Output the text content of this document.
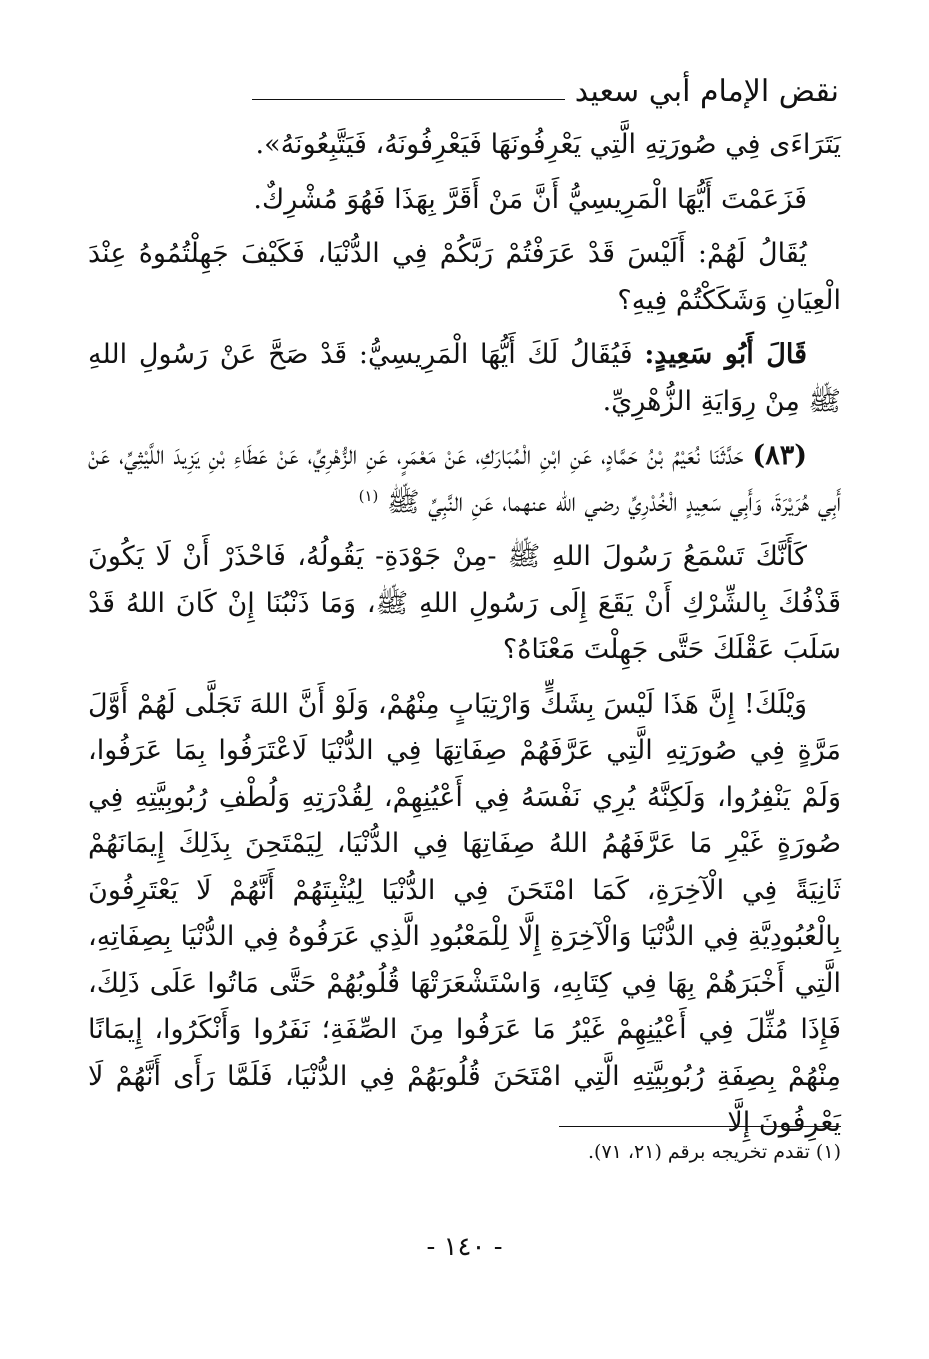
نقض الإمام أبي سعيد

يَتَرَاءَى فِي صُورَتِهِ الَّتِي يَعْرِفُونَهَا فَيَعْرِفُونَهُ، فَيَتَّبِعُونَهُ».

فَزَعَمْتَ أَيُّهَا الْمَرِيسِيُّ أَنَّ مَنْ أَقَرَّ بِهَذَا فَهُوَ مُشْرِكٌ.

يُقَالُ لَهُمْ: أَلَيْسَ قَدْ عَرَفْتُمْ رَبَّكُمْ فِي الدُّنْيَا، فَكَيْفَ جَهِلْتُمُوهُ عِنْدَ الْعِيَانِ وَشَكَكْتُمْ فِيهِ؟

قَالَ أَبُو سَعِيدٍ: فَيُقَالُ لَكَ أَيُّهَا الْمَرِيسِيُّ: قَدْ صَحَّ عَنْ رَسُولِ اللهِ ﷺ مِنْ رِوَايَةِ الزُّهْرِيِّ.

(٨٣) حَدَّثَنَا نُعَيْمُ بْنُ حَمَّادٍ، عَنِ ابْنِ الْمُبَارَكِ، عَنْ مَعْمَرٍ، عَنِ الزُّهْرِيِّ، عَنْ عَطَاءِ بْنِ يَزِيدَ اللَّيْثِيِّ، عَنْ أَبِي هُرَيْرَةَ، وَأَبِي سَعِيدٍ الْخُدْرِيِّ رضي الله عنهما، عَنِ النَّبِيِّ ﷺ $^{(١)}$

كَأَنَّكَ تَسْمَعُ رَسُولَ اللهِ ﷺ -مِنْ جَوْدَةِ- يَقُولُهُ، فَاحْذَرْ أَنْ لَا يَكُونَ قَذْفُكَ بِالشِّرْكِ أَنْ يَقَعَ إِلَى رَسُولِ اللهِ ﷺ، وَمَا ذَنْبُنَا إِنْ كَانَ اللهُ قَدْ سَلَبَ عَقْلَكَ حَتَّى جَهِلْتَ مَعْنَاهُ؟

وَيْلَكَ! إِنَّ هَذَا لَيْسَ بِشَكٍّ وَارْتِيَابٍ مِنْهُمْ، وَلَوْ أَنَّ اللهَ تَجَلَّى لَهُمْ أَوَّلَ مَرَّةٍ فِي صُورَتِهِ الَّتِي عَرَّفَهُمْ صِفَاتِهَا فِي الدُّنْيَا لَاعْتَرَفُوا بِمَا عَرَفُوا، وَلَمْ يَنْفِرُوا، وَلَكِنَّهُ يُرِي نَفْسَهُ فِي أَعْيُنِهِمْ، لِقُدْرَتِهِ وَلُطْفِ رُبُوبِيَّتِهِ فِي صُورَةٍ غَيْرِ مَا عَرَّفَهُمُ اللهُ صِفَاتِهَا فِي الدُّنْيَا، لِيَمْتَحِنَ بِذَلِكَ إِيمَانَهُمْ ثَانِيَةً فِي الْآخِرَةِ، كَمَا امْتَحَنَ فِي الدُّنْيَا لِيُثْبِتَهُمْ أَنَّهُمْ لَا يَعْتَرِفُونَ بِالْعُبُودِيَّةِ فِي الدُّنْيَا وَالْآخِرَةِ إِلَّا لِلْمَعْبُودِ الَّذِي عَرَفُوهُ فِي الدُّنْيَا بِصِفَاتِهِ، الَّتِي أَخْبَرَهُمْ بِهَا فِي كِتَابِهِ، وَاسْتَشْعَرَتْهَا قُلُوبُهُمْ حَتَّى مَاتُوا عَلَى ذَلِكَ، فَإِذَا مُثِّلَ فِي أَعْيُنِهِمْ غَيْرُ مَا عَرَفُوا مِنَ الصِّفَةِ؛ نَفَرُوا وَأَنْكَرُوا، إِيمَانًا مِنْهُمْ بِصِفَةِ رُبُوبِيَّتِهِ الَّتِي امْتَحَنَ قُلُوبَهُمْ فِي الدُّنْيَا، فَلَمَّا رَأَى أَنَّهُمْ لَا يَعْرِفُونَ إِلَّا

(١) تقدم تخريجه برقم (٢١، ٧١).
- ١٤٠ -
